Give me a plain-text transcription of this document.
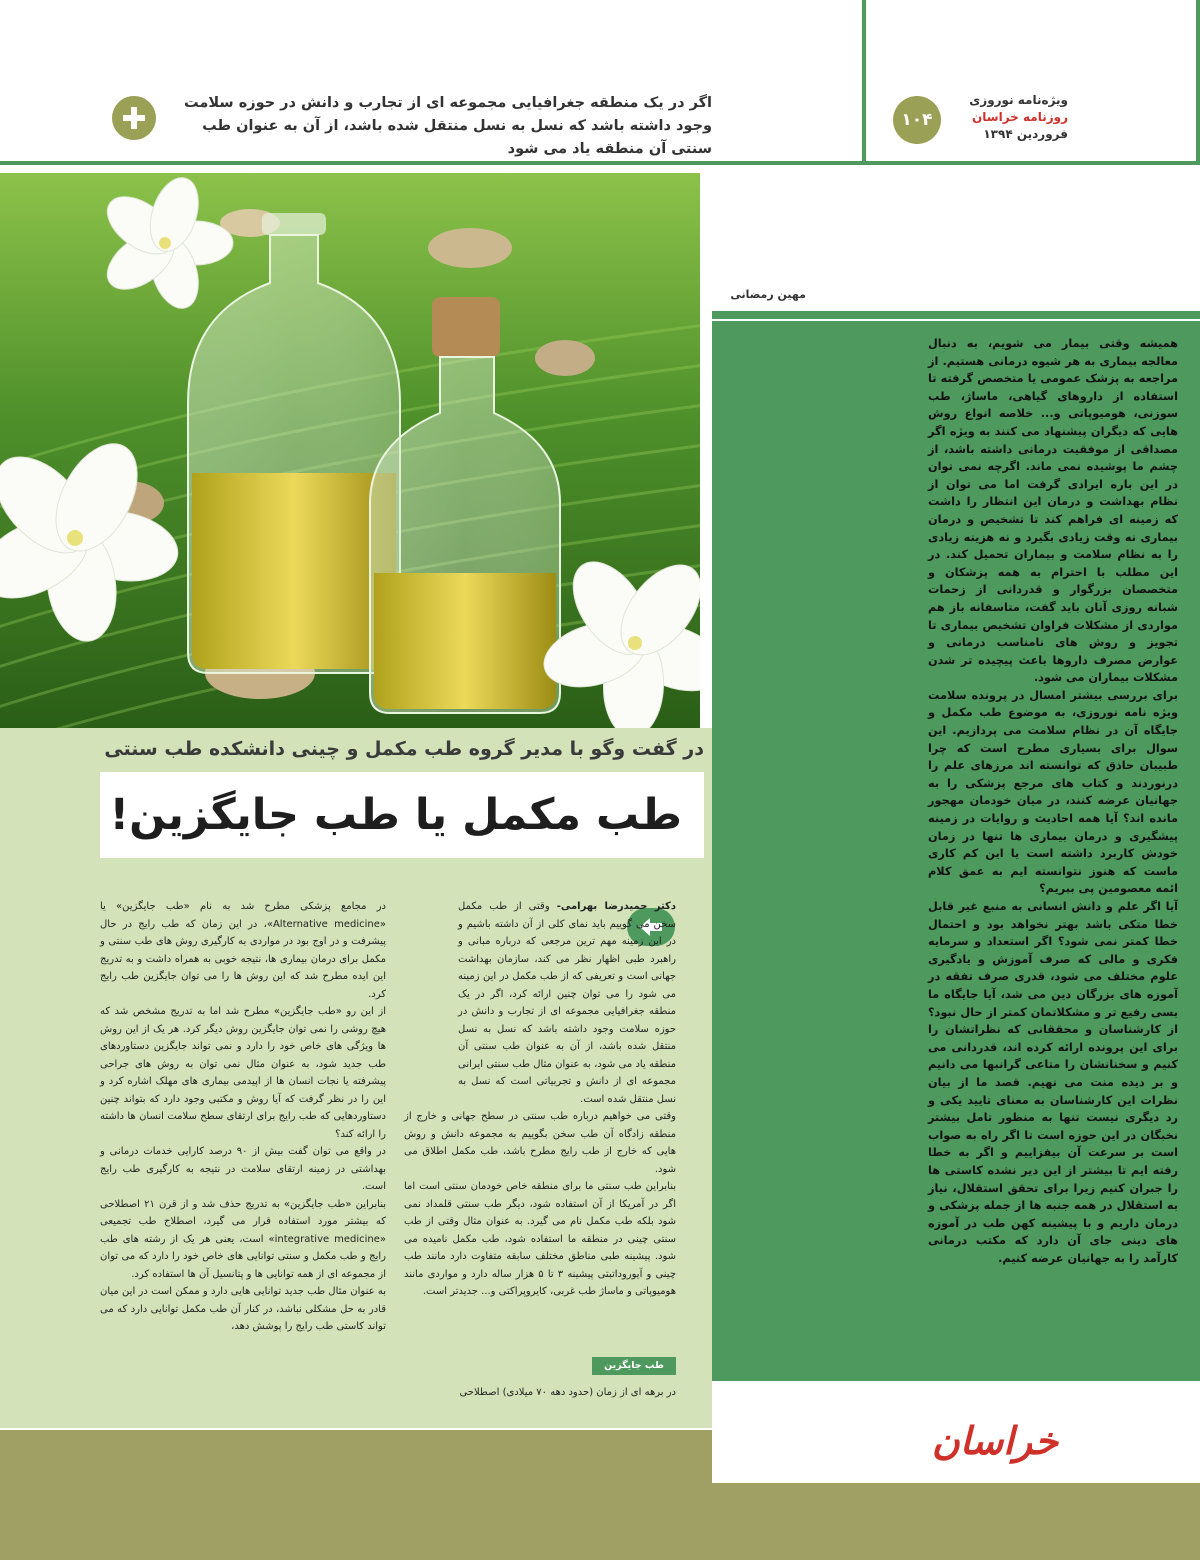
اگر در یک منطقه جغرافیایی مجموعه ای از تجارب و دانش در حوزه سلامت وجود داشته باشد که نسل به نسل منتقل شده باشد، از آن به عنوان طب سنتی آن منطقه یاد می شود
۱۰۴
ویژه‌نامه نوروزی
روزنامه خراسان
فروردین ۱۳۹۴
مهین رمضانی

همیشه وقتی بیمار می شویم، به دنبال معالجه بیماری به هر شیوه درمانی هستیم. از مراجعه به پزشک عمومی یا متخصص گرفته تا استفاده از داروهای گیاهی، ماساژ، طب سوزنی، هومیوپاتی و... خلاصه انواع روش هایی که دیگران پیشنهاد می کنند به ویژه اگر مصداقی از موفقیت درمانی داشته باشد، از چشم ما پوشیده نمی ماند. اگرچه نمی توان در این باره ایرادی گرفت اما می توان از نظام بهداشت و درمان این انتظار را داشت که زمینه ای فراهم کند تا تشخیص و درمان بیماری نه وقت زیادی بگیرد و نه هزینه زیادی را به نظام سلامت و بیماران تحمیل کند. در این مطلب با احترام به همه پزشکان و متخصصان بزرگوار و قدردانی از زحمات شبانه روزی آنان باید گفت، متاسفانه باز هم مواردی از مشکلات فراوان تشخیص بیماری تا تجویز و روش های نامناسب درمانی و عوارض مصرف داروها باعث پیچیده تر شدن مشکلات بیماران می شود.

برای بررسی بیشتر امسال در پرونده سلامت ویژه نامه نوروزی، به موضوع طب مکمل و جایگاه آن در نظام سلامت می پردازیم. این سوال برای بسیاری مطرح است که چرا طبیبان حاذق که توانسته اند مرزهای علم را درنوردند و کتاب های مرجع پزشکی را به جهانیان عرضه کنند، در میان خودمان مهجور مانده اند؟ آیا همه احادیث و روایات در زمینه پیشگیری و درمان بیماری ها تنها در زمان خودش کاربرد داشته است یا این کم کاری ماست که هنوز نتوانسته ایم به عمق کلام ائمه معصومین پی ببریم؟

آیا اگر علم و دانش انسانی به منبع غیر قابل خطا متکی باشد بهتر نخواهد بود و احتمال خطا کمتر نمی شود؟ اگر استعداد و سرمایه فکری و مالی که صرف آموزش و یادگیری علوم مختلف می شود، قدری صرف تفقه در آموزه های بزرگان دین می شد، آیا جایگاه ما بسی رفیع تر و مشکلاتمان کمتر از حال نبود؟ از کارشناسان و محققانی که نظراتشان را برای این پرونده ارائه کرده اند، قدردانی می کنیم و سخنانشان را متاعی گرانبها می دانیم و بر دیده منت می نهیم. قصد ما از بیان نظرات این کارشناسان به معنای تایید یکی و رد دیگری نیست تنها به منظور تامل بیشتر نخبگان در این حوزه است تا اگر راه به صواب است بر سرعت آن بیفزاییم و اگر به خطا رفته ایم تا بیشتر از این دیر نشده کاستی ها را جبران کنیم زیرا برای تحقق استقلال، نیاز به استقلال در همه جنبه ها از جمله پزشکی و درمان داریم و با پیشینه کهن طب در آموزه های دینی جای آن دارد که مکتب درمانی کارآمد را به جهانیان عرضه کنیم.

در گفت وگو با مدیر گروه طب مکمل و چینی دانشکده طب سنتی
طب مکمل یا طب جایگزین!

دکتر حمیدرضا بهرامی- وقتی از طب مکمل سخن می گوییم باید نمای کلی از آن داشته باشیم و در این زمینه مهم ترین مرجعی که درباره مبانی و راهبرد طبی اظهار نظر می کند، سازمان بهداشت جهانی است و تعریفی که از طب مکمل در این زمینه می شود را می توان چنین ارائه کرد، اگر در یک منطقه جغرافیایی مجموعه ای از تجارب و دانش در حوزه سلامت وجود داشته باشد که نسل به نسل منتقل شده باشد، از آن به عنوان طب سنتی آن منطقه یاد می شود، به عنوان مثال طب سنتی ایرانی مجموعه ای از دانش و تجربیاتی است که نسل به نسل منتقل شده است.

وقتی می خواهیم درباره طب سنتی در سطح جهانی و خارج از منطقه زادگاه آن طب سخن بگوییم به مجموعه دانش و روش هایی که خارج از طب رایج مطرح باشد، طب مکمل اطلاق می شود.

بنابراین طب سنتی ما برای منطقه خاص خودمان سنتی است اما اگر در آمریکا از آن استفاده شود، دیگر طب سنتی قلمداد نمی شود بلکه طب مکمل نام می گیرد. به عنوان مثال وقتی از طب سنتی چینی در منطقه ما استفاده شود، طب مکمل نامیده می شود. پیشینه طبی مناطق مختلف سابقه متفاوت دارد مانند طب چینی و آیوروداتبتی پیشینه ۳ تا ۵ هزار ساله دارد و مواردی مانند هومیوپاتی و ماساژ طب غربی، کایروپراکتی و... جدیدتر است.

طب جایگزین
در برهه ای از زمان (حدود دهه ۷۰ میلادی) اصطلاحی

در مجامع پزشکی مطرح شد به نام «طب جایگزین» یا «Alternative medicine»، در این زمان که طب رایج در حال پیشرفت و در اوج بود در مواردی به کارگیری روش های طب سنتی و مکمل برای درمان بیماری ها، نتیجه خوبی به همراه داشت و به تدریج این ایده مطرح شد که این روش ها را می توان جایگزین طب رایج کرد.

از این رو «طب جایگزین» مطرح شد اما به تدریج مشخص شد که هیچ روشی را نمی توان جایگزین روش دیگر کرد. هر یک از این روش ها ویژگی های خاص خود را دارد و نمی تواند جایگزین دستاوردهای طب جدید شود، به عنوان مثال نمی توان به روش های جراحی پیشرفته یا نجات انسان ها از اپیدمی بیماری های مهلک اشاره کرد و این را در نظر گرفت که آیا روش و مکتبی وجود دارد که بتواند چنین دستاوردهایی که طب رایج برای ارتقای سطح سلامت انسان ها داشته را ارائه کند؟

در واقع می توان گفت بیش از ۹۰ درصد کارایی خدمات درمانی و بهداشتی در زمینه ارتقای سلامت در نتیجه به کارگیری طب رایج است.

بنابراین «طب جایگزین» به تدریج حذف شد و از قرن ۲۱ اصطلاحی که بیشتر مورد استفاده قرار می گیرد، اصطلاح طب تجمیعی «integrative medicine» است، یعنی هر یک از رشته های طب رایج و طب مکمل و سنتی توانایی های خاص خود را دارد که می توان از مجموعه ای از همه توانایی ها و پتانسیل آن ها استفاده کرد.

به عنوان مثال طب جدید توانایی هایی دارد و ممکن است در این میان قادر به حل مشکلی نباشد، در کنار آن طب مکمل توانایی دارد که می تواند کاستی طب رایج را پوشش دهد،

خراسان
